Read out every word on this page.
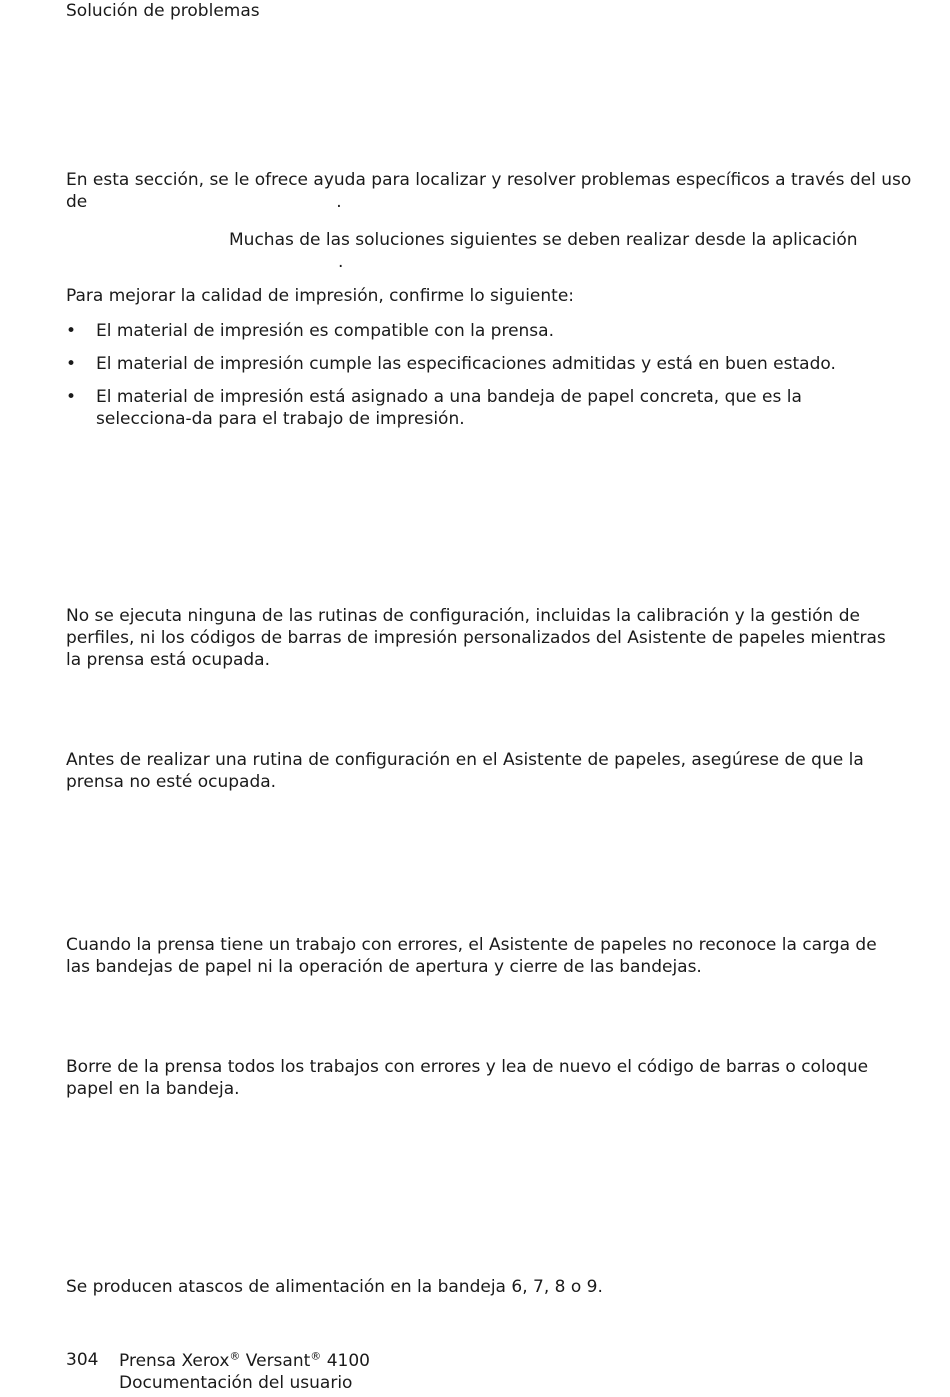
Solución de problemas
En esta sección, se le ofrece ayuda para localizar y resolver problemas específicos a través del uso
de	.
Muchas de las soluciones siguientes se deben realizar desde la aplicación
.
Para mejorar la calidad de impresión, confirme lo siguiente:
• El material de impresión es compatible con la prensa.
• El material de impresión cumple las especificaciones admitidas y está en buen estado.
• El material de impresión está asignado a una bandeja de papel concreta, que es la selecciona-da para el trabajo de impresión.
No se ejecuta ninguna de las rutinas de configuración, incluidas la calibración y la gestión de perfiles, ni los códigos de barras de impresión personalizados del Asistente de papeles mientras la prensa está ocupada.
Antes de realizar una rutina de configuración en el Asistente de papeles, asegúrese de que la prensa no esté ocupada.
Cuando la prensa tiene un trabajo con errores, el Asistente de papeles no reconoce la carga de las bandejas de papel ni la operación de apertura y cierre de las bandejas.
Borre de la prensa todos los trabajos con errores y lea de nuevo el código de barras o coloque papel en la bandeja.
Se producen atascos de alimentación en la bandeja 6, 7, 8 o 9.
304 Prensa Xerox® Versant® 4100
Documentación del usuario
